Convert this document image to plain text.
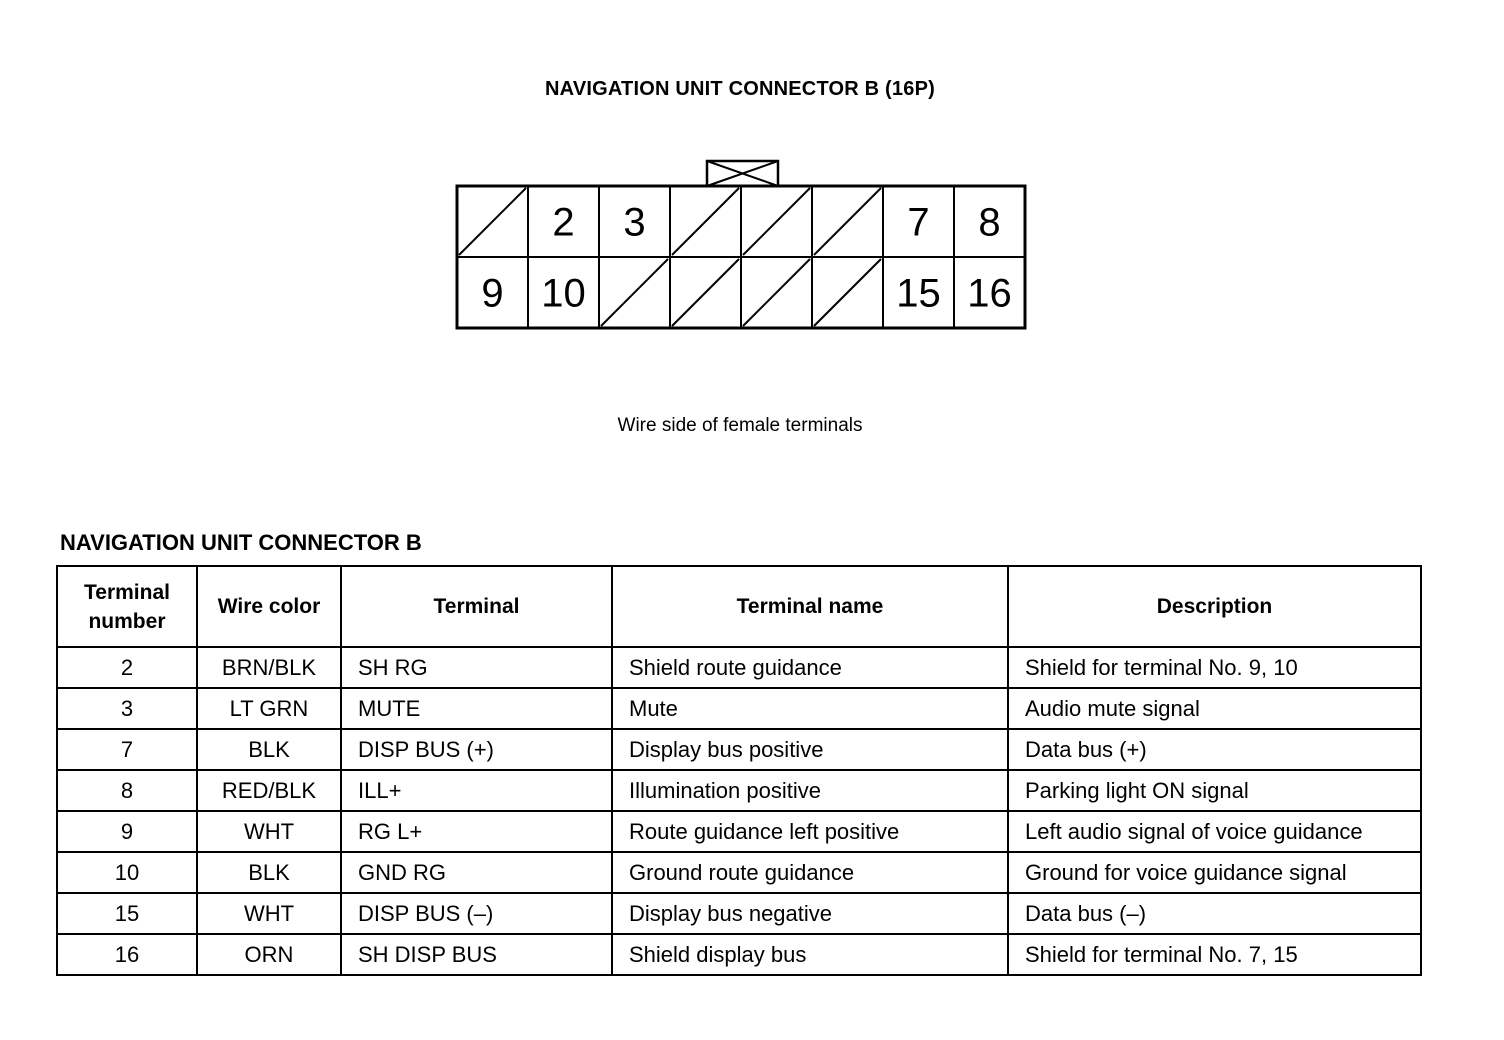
NAVIGATION UNIT CONNECTOR B (16P)
2 3	7 8
9 10	15 16
Wire side of female terminals
NAVIGATION UNIT CONNECTOR B
Terminal number	Wire color	Terminal	Terminal name	Description
2	BRN/BLK	SH RG	Shield route guidance	Shield for terminal No. 9, 10
3	LT GRN	MUTE	Mute	Audio mute signal
7	BLK	DISP BUS (+)	Display bus positive	Data bus (+)
8	RED/BLK	ILL+	Illumination positive	Parking light ON signal
9	WHT	RG L+	Route guidance left positive	Left audio signal of voice guidance
10	BLK	GND RG	Ground route guidance	Ground for voice guidance signal
15	WHT	DISP BUS (–)	Display bus negative	Data bus (–)
16	ORN	SH DISP BUS	Shield display bus	Shield for terminal No. 7, 15
